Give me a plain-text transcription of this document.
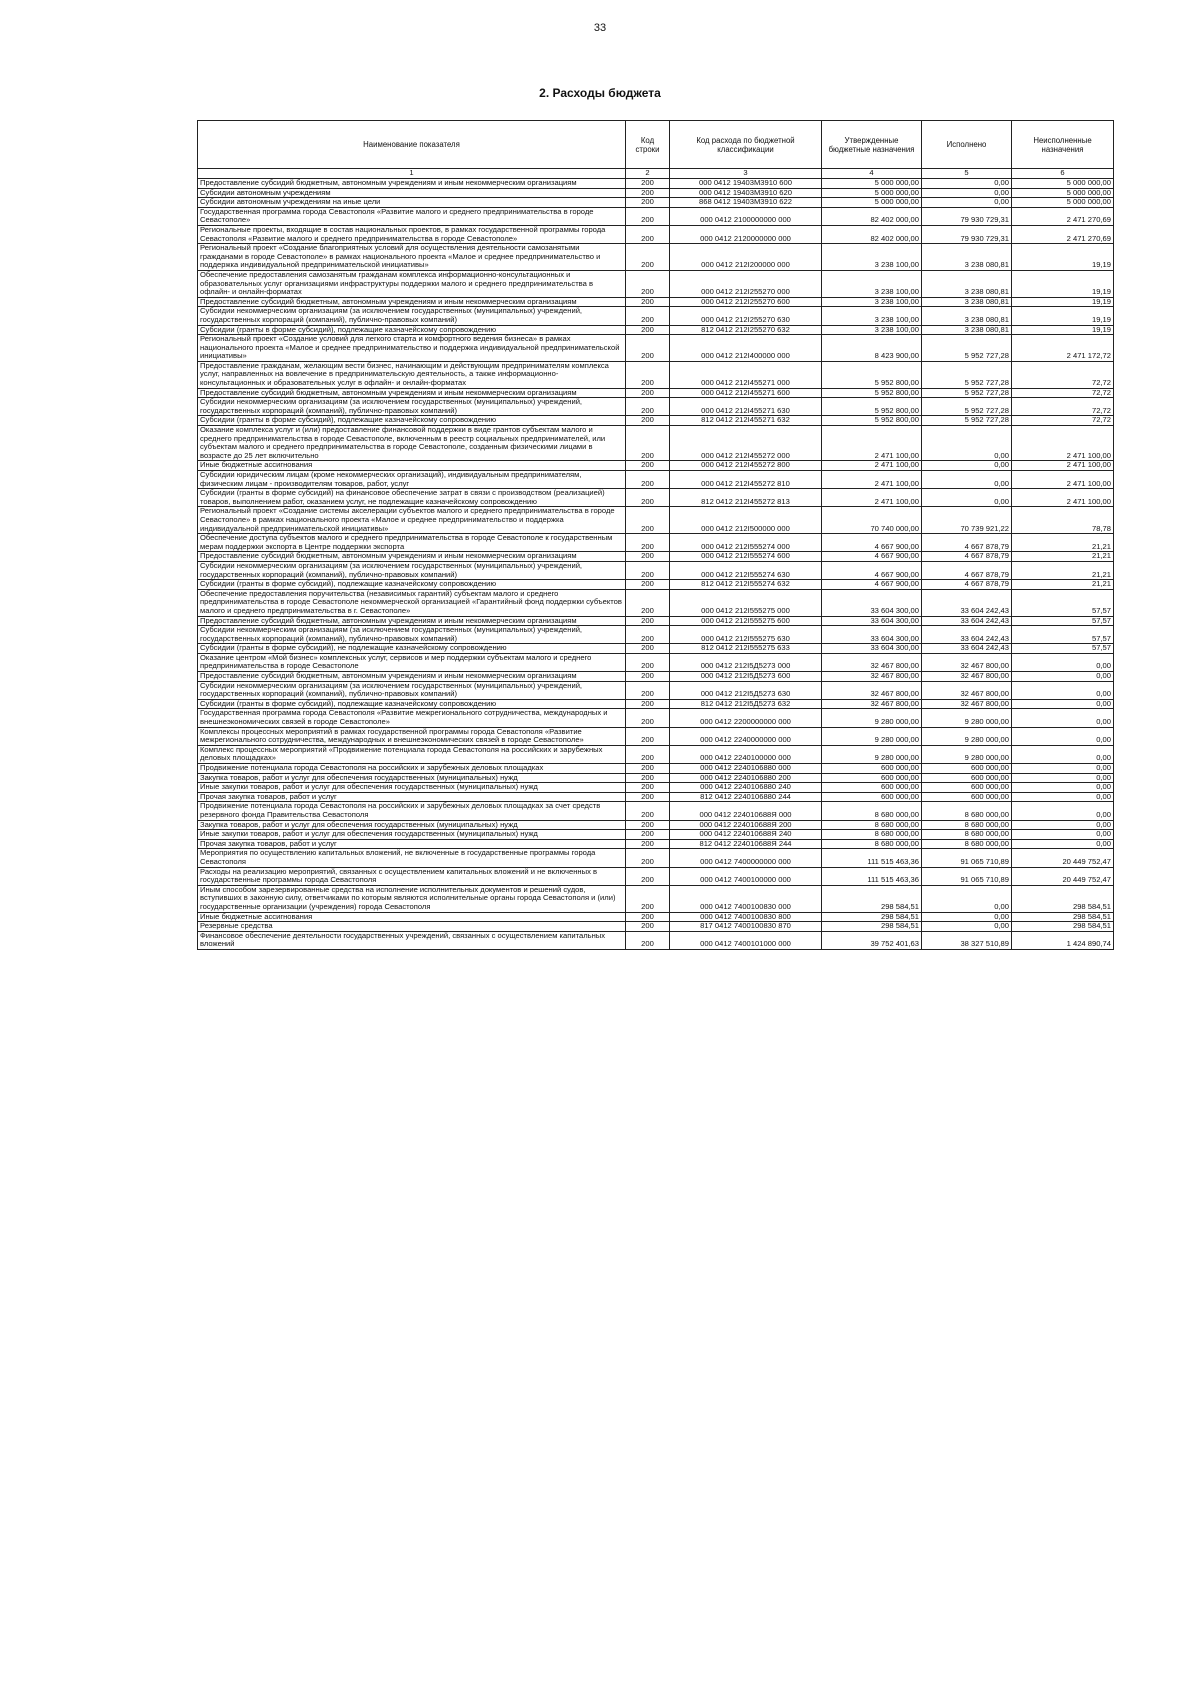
33
2. Расходы бюджета
Наименование показателя	Код строки	Код расхода по бюджетной классификации	Утвержденные бюджетные назначения	Исполнено	Неисполненные назначения
1	2	3	4	5	6
Предоставление субсидий бюджетным, автономным учреждениям и иным некоммерческим организациям	200	000 0412 19403М3910 600	5 000 000,00	0,00	5 000 000,00
Субсидии автономным учреждениям	200	000 0412 19403М3910 620	5 000 000,00	0,00	5 000 000,00
Субсидии автономным учреждениям на иные цели	200	868 0412 19403М3910 622	5 000 000,00	0,00	5 000 000,00
Государственная программа города Севастополя «Развитие малого и среднего предпринимательства в городе Севастополе»	200	000 0412 2100000000 000	82 402 000,00	79 930 729,31	2 471 270,69
Региональные проекты, входящие в состав национальных проектов, в рамках государственной программы города Севастополя «Развитие малого и среднего предпринимательства в городе Севастополе»	200	000 0412 2120000000 000	82 402 000,00	79 930 729,31	2 471 270,69
Региональный проект «Создание благоприятных условий для осуществления деятельности самозанятыми гражданами в городе Севастополе» в рамках национального проекта «Малое и среднее предпринимательство и поддержка индивидуальной предпринимательской инициативы»	200	000 0412 212I200000 000	3 238 100,00	3 238 080,81	19,19
Обеспечение предоставления самозанятым гражданам комплекса информационно-консультационных и образовательных услуг организациями инфраструктуры поддержки малого и среднего предпринимательства в офлайн- и онлайн-форматах	200	000 0412 212I255270 000	3 238 100,00	3 238 080,81	19,19
Предоставление субсидий бюджетным, автономным учреждениям и иным некоммерческим организациям	200	000 0412 212I255270 600	3 238 100,00	3 238 080,81	19,19
Субсидии некоммерческим организациям (за исключением государственных (муниципальных) учреждений, государственных корпораций (компаний), публично-правовых компаний)	200	000 0412 212I255270 630	3 238 100,00	3 238 080,81	19,19
Субсидии (гранты в форме субсидий), подлежащие казначейскому сопровождению	200	812 0412 212I255270 632	3 238 100,00	3 238 080,81	19,19
Региональный проект «Создание условий для легкого старта и комфортного ведения бизнеса» в рамках национального проекта «Малое и среднее предпринимательство и поддержка индивидуальной предпринимательской инициативы»	200	000 0412 212I400000 000	8 423 900,00	5 952 727,28	2 471 172,72
Предоставление гражданам, желающим вести бизнес, начинающим и действующим предпринимателям комплекса услуг, направленных на вовлечение в предпринимательскую деятельность, а также информационно-консультационных и образовательных услуг в офлайн- и онлайн-форматах	200	000 0412 212I455271 000	5 952 800,00	5 952 727,28	72,72
Предоставление субсидий бюджетным, автономным учреждениям и иным некоммерческим организациям	200	000 0412 212I455271 600	5 952 800,00	5 952 727,28	72,72
Субсидии некоммерческим организациям (за исключением государственных (муниципальных) учреждений, государственных корпораций (компаний), публично-правовых компаний)	200	000 0412 212I455271 630	5 952 800,00	5 952 727,28	72,72
Субсидии (гранты в форме субсидий), подлежащие казначейскому сопровождению	200	812 0412 212I455271 632	5 952 800,00	5 952 727,28	72,72
Оказание комплекса услуг и (или) предоставление финансовой поддержки в виде грантов субъектам малого и среднего предпринимательства в городе Севастополе, включенным в реестр социальных предпринимателей, или субъектам малого и среднего предпринимательства в городе Севастополе, созданным физическими лицами в возрасте до 25 лет включительно	200	000 0412 212I455272 000	2 471 100,00	0,00	2 471 100,00
Иные бюджетные ассигнования	200	000 0412 212I455272 800	2 471 100,00	0,00	2 471 100,00
Субсидии юридическим лицам (кроме некоммерческих организаций), индивидуальным предпринимателям, физическим лицам - производителям товаров, работ, услуг	200	000 0412 212I455272 810	2 471 100,00	0,00	2 471 100,00
Субсидии (гранты в форме субсидий) на финансовое обеспечение затрат в связи с производством (реализацией) товаров, выполнением работ, оказанием услуг, не подлежащие казначейскому сопровождению	200	812 0412 212I455272 813	2 471 100,00	0,00	2 471 100,00
Региональный проект «Создание системы акселерации субъектов малого и среднего предпринимательства в городе Севастополе» в рамках национального проекта «Малое и среднее предпринимательство и поддержка индивидуальной предпринимательской инициативы»	200	000 0412 212I500000 000	70 740 000,00	70 739 921,22	78,78
Обеспечение доступа субъектов малого и среднего предпринимательства в городе Севастополе к государственным мерам поддержки экспорта в Центре поддержки экспорта	200	000 0412 212I555274 000	4 667 900,00	4 667 878,79	21,21
Предоставление субсидий бюджетным, автономным учреждениям и иным некоммерческим организациям	200	000 0412 212I555274 600	4 667 900,00	4 667 878,79	21,21
Субсидии некоммерческим организациям (за исключением государственных (муниципальных) учреждений, государственных корпораций (компаний), публично-правовых компаний)	200	000 0412 212I555274 630	4 667 900,00	4 667 878,79	21,21
Субсидии (гранты в форме субсидий), подлежащие казначейскому сопровождению	200	812 0412 212I555274 632	4 667 900,00	4 667 878,79	21,21
Обеспечение предоставления поручительства (независимых гарантий) субъектам малого и среднего предпринимательства в городе Севастополе некоммерческой организацией «Гарантийный фонд поддержки субъектов малого и среднего предпринимательства в г. Севастополе»	200	000 0412 212I555275 000	33 604 300,00	33 604 242,43	57,57
Предоставление субсидий бюджетным, автономным учреждениям и иным некоммерческим организациям	200	000 0412 212I555275 600	33 604 300,00	33 604 242,43	57,57
Субсидии некоммерческим организациям (за исключением государственных (муниципальных) учреждений, государственных корпораций (компаний), публично-правовых компаний)	200	000 0412 212I555275 630	33 604 300,00	33 604 242,43	57,57
Субсидии (гранты в форме субсидий), не подлежащие казначейскому сопровождению	200	812 0412 212I555275 633	33 604 300,00	33 604 242,43	57,57
Оказание центром «Мой бизнес» комплексных услуг, сервисов и мер поддержки субъектам малого и среднего предпринимательства в городе Севастополе	200	000 0412 212I5Д5273 000	32 467 800,00	32 467 800,00	0,00
Предоставление субсидий бюджетным, автономным учреждениям и иным некоммерческим организациям	200	000 0412 212I5Д5273 600	32 467 800,00	32 467 800,00	0,00
Субсидии некоммерческим организациям (за исключением государственных (муниципальных) учреждений, государственных корпораций (компаний), публично-правовых компаний)	200	000 0412 212I5Д5273 630	32 467 800,00	32 467 800,00	0,00
Субсидии (гранты в форме субсидий), подлежащие казначейскому сопровождению	200	812 0412 212I5Д5273 632	32 467 800,00	32 467 800,00	0,00
Государственная программа города Севастополя «Развитие межрегионального сотрудничества, международных и внешнеэкономических связей в городе Севастополе»	200	000 0412 2200000000 000	9 280 000,00	9 280 000,00	0,00
Комплексы процессных мероприятий в рамках государственной программы города Севастополя «Развитие межрегионального сотрудничества, международных и внешнеэкономических связей в городе Севастополе»	200	000 0412 2240000000 000	9 280 000,00	9 280 000,00	0,00
Комплекс процессных мероприятий «Продвижение потенциала города Севастополя на российских и зарубежных деловых площадках»	200	000 0412 2240100000 000	9 280 000,00	9 280 000,00	0,00
Продвижение потенциала города Севастополя на российских и зарубежных деловых площадках	200	000 0412 2240106880 000	600 000,00	600 000,00	0,00
Закупка товаров, работ и услуг для обеспечения государственных (муниципальных) нужд	200	000 0412 2240106880 200	600 000,00	600 000,00	0,00
Иные закупки товаров, работ и услуг для обеспечения государственных (муниципальных) нужд	200	000 0412 2240106880 240	600 000,00	600 000,00	0,00
Прочая закупка товаров, работ и услуг	200	812 0412 2240106880 244	600 000,00	600 000,00	0,00
Продвижение потенциала города Севастополя на российских и зарубежных деловых площадках за счет средств резервного фонда Правительства Севастополя	200	000 0412 224010688Я 000	8 680 000,00	8 680 000,00	0,00
Закупка товаров, работ и услуг для обеспечения государственных (муниципальных) нужд	200	000 0412 224010688Я 200	8 680 000,00	8 680 000,00	0,00
Иные закупки товаров, работ и услуг для обеспечения государственных (муниципальных) нужд	200	000 0412 224010688Я 240	8 680 000,00	8 680 000,00	0,00
Прочая закупка товаров, работ и услуг	200	812 0412 224010688Я 244	8 680 000,00	8 680 000,00	0,00
Мероприятия по осуществлению капитальных вложений, не включенные в государственные программы города Севастополя	200	000 0412 7400000000 000	111 515 463,36	91 065 710,89	20 449 752,47
Расходы на реализацию мероприятий, связанных с осуществлением капитальных вложений и не включенных в государственные программы города Севастополя	200	000 0412 7400100000 000	111 515 463,36	91 065 710,89	20 449 752,47
Иным способом зарезервированные средства на исполнение исполнительных документов и решений судов, вступивших в законную силу, ответчиками по которым являются исполнительные органы города Севастополя и (или) государственные организации (учреждения) города Севастополя	200	000 0412 7400100830 000	298 584,51	0,00	298 584,51
Иные бюджетные ассигнования	200	000 0412 7400100830 800	298 584,51	0,00	298 584,51
Резервные средства	200	817 0412 7400100830 870	298 584,51	0,00	298 584,51
Финансовое обеспечение деятельности государственных учреждений, связанных с осуществлением капитальных вложений	200	000 0412 7400101000 000	39 752 401,63	38 327 510,89	1 424 890,74
